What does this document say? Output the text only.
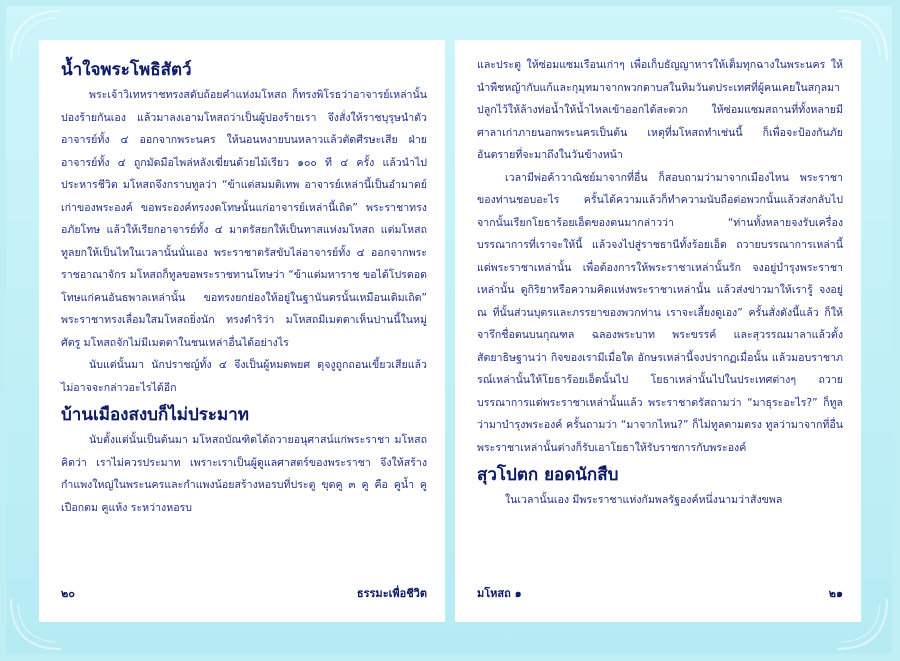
น้ำใจพระโพธิสัตว์

พระเจ้าวิเทหราชทรงสดับถ้อยคำแห่งมโหสถ ก็ทรงพิโรธว่าอาจารย์เหล่านั้นปองร้ายกันเอง แล้วมาลงเอามโหสถว่าเป็นผู้ปองร้ายเรา จึงสั่งให้ราชบุรุษนำตัวอาจารย์ทั้ง ๔ ออกจากพระนคร ให้นอนหงายบนหลาวแล้วตัดศีรษะเสีย ฝ่ายอาจารย์ทั้ง ๔ ถูกมัดมือไพล่หลังเฆี่ยนด้วยไม้เรียว ๑๐๐ ที ๔ ครั้ง แล้วนำไปประหารชีวิต มโหสถจึงกราบทูลว่า “ข้าแต่สมมติเทพ อาจารย์เหล่านี้เป็นอำมาตย์เก่าของพระองค์ ขอพระองค์ทรงงดโทษนั้นแก่อาจารย์เหล่านี้เถิด” พระราชาทรงอภัยโทษ แล้วให้เรียกอาจารย์ทั้ง ๔ มาตรัสยกให้เป็นทาสแห่งมโหสถ แต่มโหสถทูลยกให้เป็นไทในเวลานั้นนั่นเอง พระราชาตรัสขับไล่อาจารย์ทั้ง ๔ ออกจากพระราชอาณาจักร มโหสถก็ทูลขอพระราชทานโทษว่า “ข้าแต่มหาราช ขอได้โปรดอดโทษแก่คนอันธพาลเหล่านั้น ขอทรงยกย่องให้อยู่ในฐานันดรนั้นเหมือนเดิมเถิด” พระราชาทรงเลื่อมใสมโหสถยิ่งนัก ทรงดำริว่า มโหสถมีเมตตาเห็นปานนี้ในหมู่ศัตรู มโหสถจักไม่มีเมตตาในชนเหล่าอื่นได้อย่างไร

นับแต่นั้นมา นักปราชญ์ทั้ง ๔ จึงเป็นผู้หมดพยศ ดุจงูถูกถอนเขี้ยวเสียแล้ว ไม่อาจจะกล่าวอะไรได้อีก

บ้านเมืองสงบก็ไม่ประมาท

นับตั้งแต่นั้นเป็นต้นมา มโหสถบัณฑิตได้ถวายอนุศาสน์แก่พระราชา มโหสถคิดว่า เราไม่ควรประมาท เพราะเราเป็นผู้ดูแลศาสตร์ของพระราชา จึงให้สร้างกำแพงใหญ่ในพระนครและกำแพงน้อยสร้างหอรบที่ประตู ขุดคู ๓ คู คือ คูน้ำ คูเปือกตม คูแห้ง ระหว่างหอรบ

๒๐	ธรรมะเพื่อชีวิต

และประตู ให้ซ่อมแซมเรือนเก่าๆ เพื่อเก็บธัญญาหารให้เต็มทุกฉางในพระนคร ให้นำพืชหญ้ากับแก้และกุมุทมาจากพวกดาบสในหิมวันตประเทศที่ผู้คนเคยในสกุลมาปลูกไว้ให้ล้างท่อน้ำให้น้ำไหลเข้าออกได้สะดวก ให้ซ่อมแซมสถานที่ทั้งหลายมีศาลาเก่าภายนอกพระนครเป็นต้น เหตุที่มโหสถทำเช่นนี้ ก็เพื่อจะป้องกันภัยอันตรายที่จะมาถึงในวันข้างหน้า

เวลามีพ่อค้าวาณิชย์มาจากที่อื่น ก็สอบถามว่ามาจากเมืองไหน พระราชาของท่านชอบอะไร ครั้นได้ความแล้วก็ทำความนับถือต่อพวกนั้นแล้วส่งกลับไป จากนั้นเรียกโยธาร้อยเอ็ดของตนมากล่าวว่า “ท่านทั้งหลายจงรับเครื่องบรรณาการที่เราจะให้นี้ แล้วจงไปสู่ราชธานีทั้งร้อยเอ็ด ถวายบรรณาการเหล่านี้แด่พระราชาเหล่านั้น เพื่อต้องการให้พระราชาเหล่านั้นรัก จงอยู่บำรุงพระราชาเหล่านั้น ดูกิริยาหรือความคิดแห่งพระราชาเหล่านั้น แล้วส่งข่าวมาให้เรารู้ จงอยู่ ณ ที่นั้นส่วนบุตรและภรรยาของพวกท่าน เราจะเลี้ยงดูเอง” ครั้นสั่งดังนี้แล้ว ก็ให้จารึกชื่อตนบนกุณฑล ฉลองพระบาท พระขรรค์ และสุวรรณมาลาแล้วตั้งสัตยาธิษฐานว่า กิจของเรามีเมื่อใด อักษรเหล่านี้จงปรากฏเมื่อนั้น แล้วมอบราชาภรณ์เหล่านั้นให้โยธาร้อยเอ็ดนั้นไป โยธาเหล่านั้นไปในประเทศต่างๆ ถวายบรรณาการแด่พระราชาเหล่านั้นแล้ว พระราชาตรัสถามว่า “มาธุระอะไร?” ก็ทูลว่ามาบำรุงพระองค์ ครั้นถามว่า “มาจากไหน?” ก็ไม่ทูลตามตรง ทูลว่ามาจากที่อื่น พระราชาเหล่านั้นต่างก็รับเอาโยธาให้รับราชการกับพระองค์

สุวโปตก ยอดนักสืบ

ในเวลานั้นเอง มีพระราชาแห่งกัมพลรัฐองค์หนึ่งนามว่าสังขพล

มโหสถ ๑	๒๑
